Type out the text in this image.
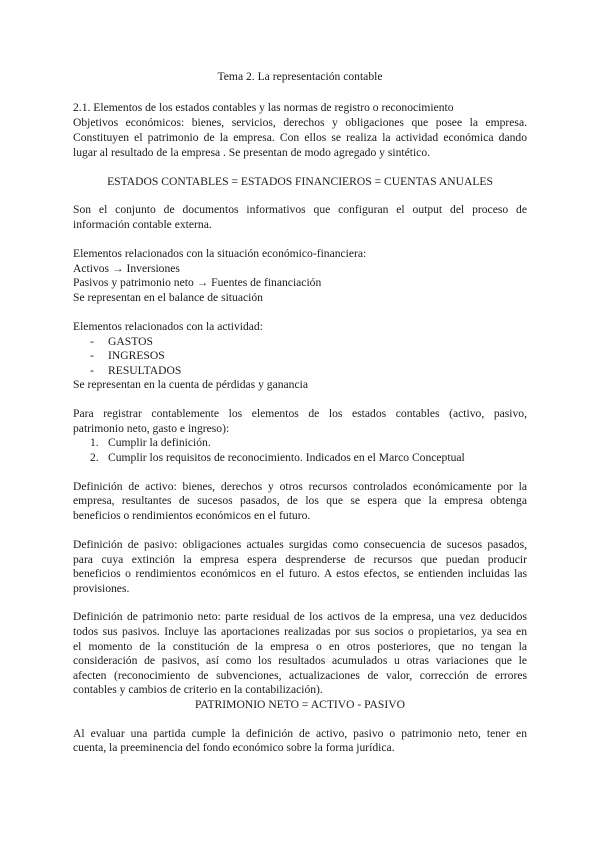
Tema 2. La representación contable
2.1. Elementos de los estados contables y las normas de registro o reconocimiento
Objetivos económicos: bienes, servicios, derechos y obligaciones que posee la empresa.
Constituyen el patrimonio de la empresa. Con ellos se realiza la actividad económica dando
lugar al resultado de la empresa . Se presentan de modo agregado y sintético.
ESTADOS CONTABLES = ESTADOS FINANCIEROS = CUENTAS ANUALES
Son el conjunto de documentos informativos que configuran el output del proceso de
información contable externa.
Elementos relacionados con la situación económico-financiera:
Activos → Inversiones
Pasivos y patrimonio neto → Fuentes de financiación
Se representan en el balance de situación
Elementos relacionados con la actividad:
- GASTOS
- INGRESOS
- RESULTADOS
Se representan en la cuenta de pérdidas y ganancia
Para registrar contablemente los elementos de los estados contables (activo, pasivo,
patrimonio neto, gasto e ingreso):
1. Cumplir la definición.
2. Cumplir los requisitos de reconocimiento. Indicados en el Marco Conceptual
Definición de activo: bienes, derechos y otros recursos controlados económicamente por la
empresa, resultantes de sucesos pasados, de los que se espera que la empresa obtenga
beneficios o rendimientos económicos en el futuro.
Definición de pasivo: obligaciones actuales surgidas como consecuencia de sucesos pasados,
para cuya extinción la empresa espera desprenderse de recursos que puedan producir
beneficios o rendimientos económicos en el futuro. A estos efectos, se entienden incluidas las
provisiones.
Definición de patrimonio neto: parte residual de los activos de la empresa, una vez deducidos
todos sus pasivos. Incluye las aportaciones realizadas por sus socios o propietarios, ya sea en
el momento de la constitución de la empresa o en otros posteriores, que no tengan la
consideración de pasivos, así como los resultados acumulados u otras variaciones que le
afecten (reconocimiento de subvenciones, actualizaciones de valor, corrección de errores
contables y cambios de criterio en la contabilización).
PATRIMONIO NETO = ACTIVO - PASIVO
Al evaluar una partida cumple la definición de activo, pasivo o patrimonio neto, tener en
cuenta, la preeminencia del fondo económico sobre la forma jurídica.
